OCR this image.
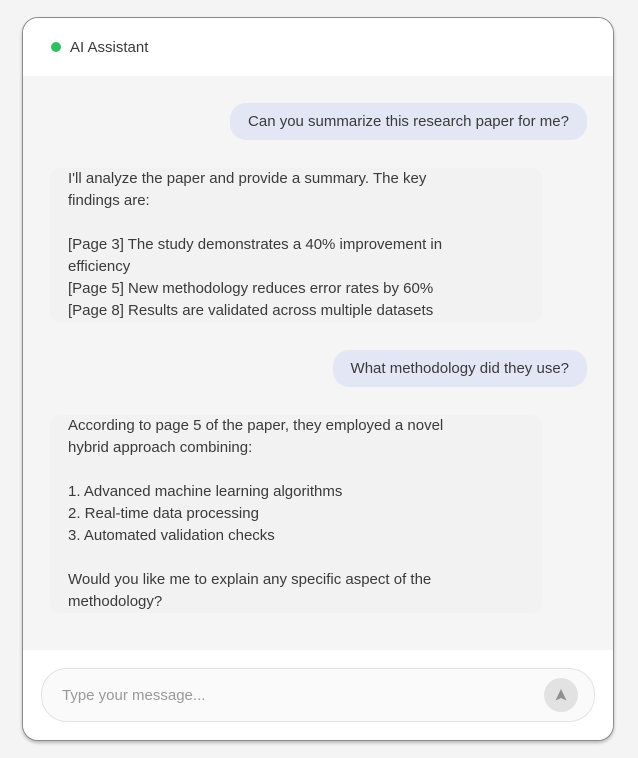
AI Assistant
Can you summarize this research paper for me?
I'll analyze the paper and provide a summary. The key
findings are:

[Page 3] The study demonstrates a 40% improvement in
efficiency
[Page 5] New methodology reduces error rates by 60%
[Page 8] Results are validated across multiple datasets
What methodology did they use?
According to page 5 of the paper, they employed a novel
hybrid approach combining:

1. Advanced machine learning algorithms
2. Real-time data processing
3. Automated validation checks

Would you like me to explain any specific aspect of the
methodology?
Type your message...
